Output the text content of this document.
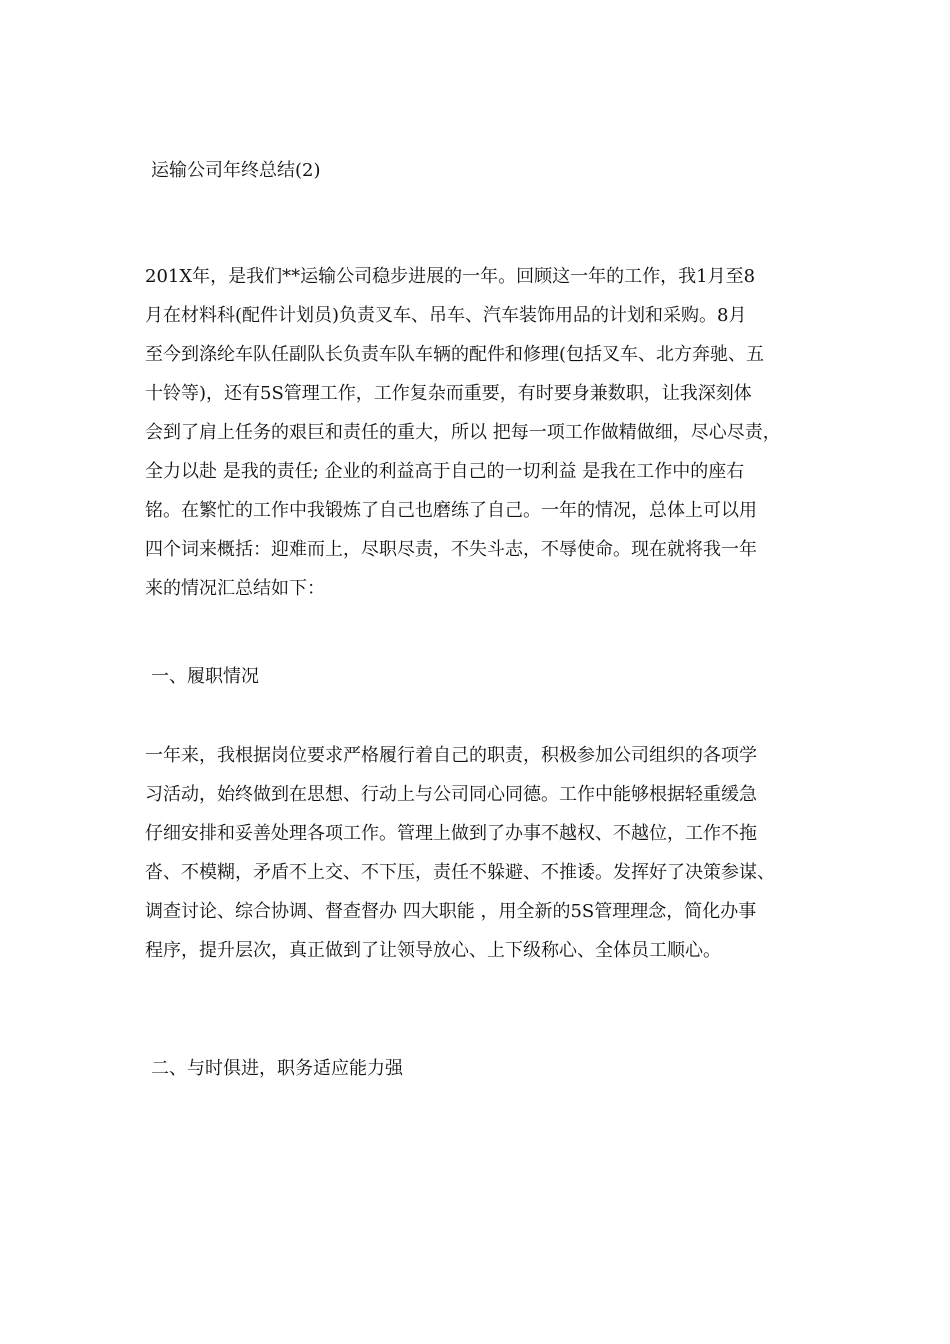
运输公司年终总结(2)
201X年，是我们**运输公司稳步进展的一年。回顾这一年的工作，我1月至8
月在材料科(配件计划员)负责叉车、吊车、汽车装饰用品的计划和采购。8月
至今到涤纶车队任副队长负责车队车辆的配件和修理(包括叉车、北方奔驰、五
十铃等)，还有5S管理工作，工作复杂而重要，有时要身兼数职，让我深刻体
会到了肩上任务的艰巨和责任的重大，所以 把每一项工作做精做细，尽心尽责，
全力以赴 是我的责任; 企业的利益高于自己的一切利益 是我在工作中的座右
铭。在繁忙的工作中我锻炼了自己也磨练了自己。一年的情况，总体上可以用
四个词来概括：迎难而上，尽职尽责，不失斗志，不辱使命。现在就将我一年
来的情况汇总结如下：
一、履职情况
一年来，我根据岗位要求严格履行着自己的职责，积极参加公司组织的各项学
习活动，始终做到在思想、行动上与公司同心同德。工作中能够根据轻重缓急
仔细安排和妥善处理各项工作。管理上做到了办事不越权、不越位，工作不拖
沓、不模糊，矛盾不上交、不下压，责任不躲避、不推诿。发挥好了决策参谋、
调查讨论、综合协调、督查督办 四大职能 ，用全新的5S管理理念，简化办事
程序，提升层次，真正做到了让领导放心、上下级称心、全体员工顺心。
二、与时俱进，职务适应能力强
